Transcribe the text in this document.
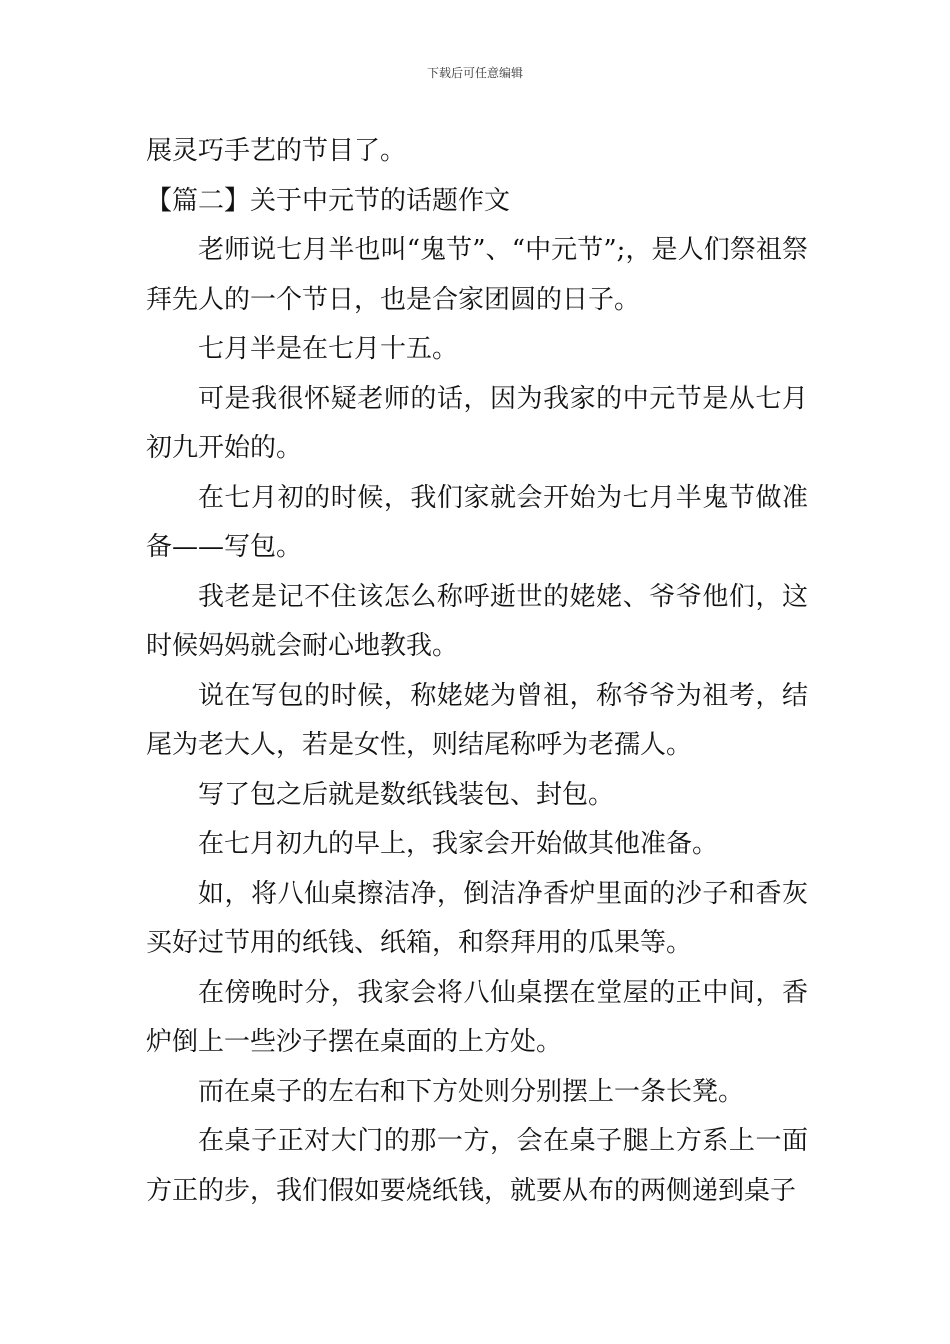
下载后可任意编辑

展灵巧手艺的节目了。

【篇二】关于中元节的话题作文

老师说七月半也叫“鬼节”、“中元节”;，是人们祭祖祭拜先人的一个节日，也是合家团圆的日子。

七月半是在七月十五。

可是我很怀疑老师的话，因为我家的中元节是从七月初九开始的。

在七月初的时候，我们家就会开始为七月半鬼节做准备——写包。

我老是记不住该怎么称呼逝世的姥姥、爷爷他们，这时候妈妈就会耐心地教我。

说在写包的时候，称姥姥为曾祖，称爷爷为祖考，结尾为老大人，若是女性，则结尾称呼为老孺人。

写了包之后就是数纸钱装包、封包。

在七月初九的早上，我家会开始做其他准备。

如，将八仙桌擦洁净，倒洁净香炉里面的沙子和香灰买好过节用的纸钱、纸箱，和祭拜用的瓜果等。

在傍晚时分，我家会将八仙桌摆在堂屋的正中间，香炉倒上一些沙子摆在桌面的上方处。

而在桌子的左右和下方处则分别摆上一条长凳。

在桌子正对大门的那一方，会在桌子腿上方系上一面方正的步，我们假如要烧纸钱，就要从布的两侧递到桌子
